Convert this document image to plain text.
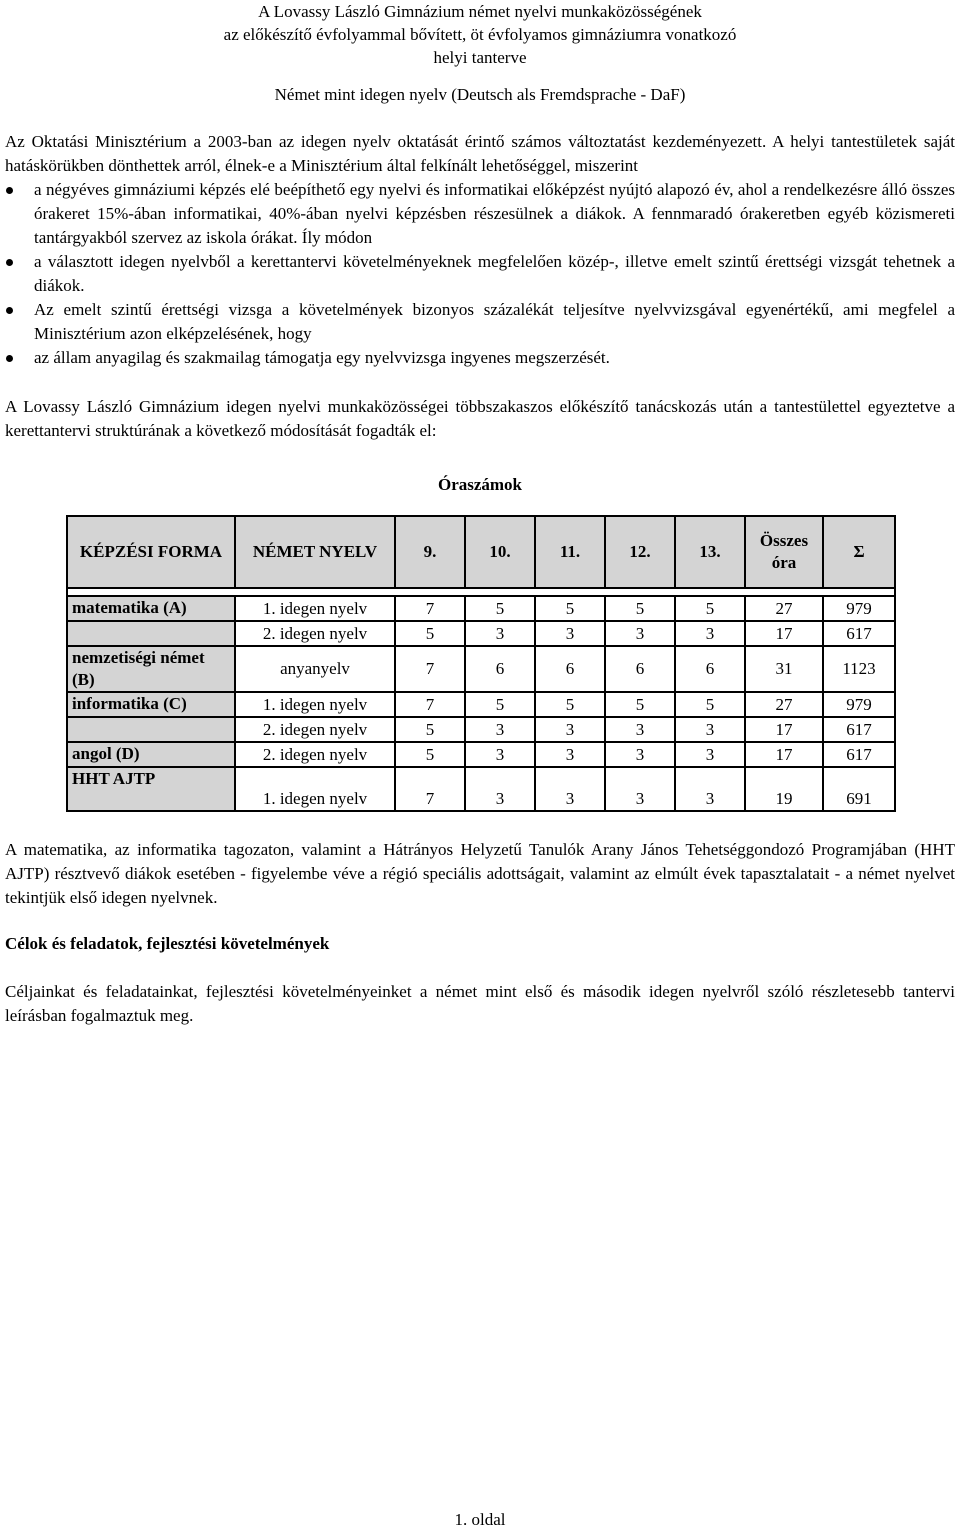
A Lovassy László Gimnázium német nyelvi munkaközösségének
az előkészítő évfolyammal bővített, öt évfolyamos gimnáziumra vonatkozó
helyi tanterve
Német mint idegen nyelv (Deutsch als Fremdsprache - DaF)

Az Oktatási Minisztérium a 2003-ban az idegen nyelv oktatását érintő számos változtatást kezdeményezett. A helyi tantestületek saját hatáskörükben dönthettek arról, élnek-e a Minisztérium által felkínált lehetőséggel, miszerint

a négyéves gimnáziumi képzés elé beépíthető egy nyelvi és informatikai előképzést nyújtó alapozó év, ahol a rendelkezésre álló összes órakeret 15%-ában informatikai, 40%-ában nyelvi képzésben részesülnek a diákok. A fennmaradó órakeretben egyéb közismereti tantárgyakból szervez az iskola órákat. Íly módon
a választott idegen nyelvből a kerettantervi követelményeknek megfelelően közép-, illetve emelt szintű érettségi vizsgát tehetnek a diákok.
Az emelt szintű érettségi vizsga a követelmények bizonyos százalékát teljesítve nyelvvizsgával egyenértékű, ami megfelel a Minisztérium azon elképzelésének, hogy
az állam anyagilag és szakmailag támogatja egy nyelvvizsga ingyenes megszerzését.

A Lovassy László Gimnázium idegen nyelvi munkaközösségei többszakaszos előkészítő tanácskozás után a tantestülettel egyeztetve a kerettantervi struktúrának a következő módosítását fogadták el:

Óraszámok
KÉPZÉSI FORMA	NÉMET NYELV	9.	10.	11.	12.	13.	Összes óra	Σ

matematika (A)	1. idegen nyelv	7	5	5	5	5	27	979
	2. idegen nyelv	5	3	3	3	3	17	617
nemzetiségi német (B)	anyanyelv	7	6	6	6	6	31	1123
informatika (C)	1. idegen nyelv	7	5	5	5	5	27	979
	2. idegen nyelv	5	3	3	3	3	17	617
angol (D)	2. idegen nyelv	5	3	3	3	3	17	617
HHT AJTP	1. idegen nyelv	7	3	3	3	3	19	691

A matematika, az informatika tagozaton, valamint a Hátrányos Helyzetű Tanulók Arany János Tehetséggondozó Programjában (HHT AJTP) résztvevő diákok esetében - figyelembe véve a régió speciális adottságait, valamint az elmúlt évek tapasztalatait - a német nyelvet tekintjük első idegen nyelvnek.

Célok és feladatok, fejlesztési követelmények

Céljainkat és feladatainkat, fejlesztési követelményeinket a német mint első és második idegen nyelvről szóló részletesebb tantervi leírásban fogalmaztuk meg.

1. oldal
